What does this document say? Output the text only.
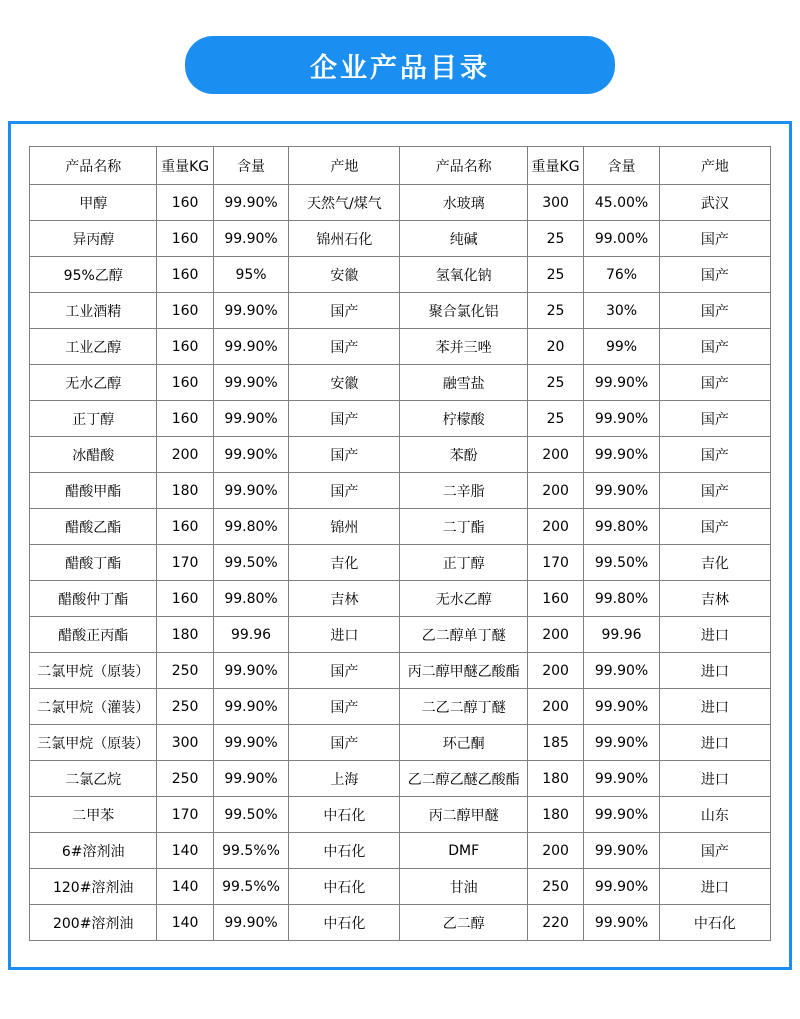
企业产品目录
产品名称	重量KG	含量	产地	产品名称	重量KG	含量	产地
甲醇	160	99.90%	天然气/煤气	水玻璃	300	45.00%	武汉
异丙醇	160	99.90%	锦州石化	纯碱	25	99.00%	国产
95%乙醇	160	95%	安徽	氢氧化钠	25	76%	国产
工业酒精	160	99.90%	国产	聚合氯化铝	25	30%	国产
工业乙醇	160	99.90%	国产	苯并三唑	20	99%	国产
无水乙醇	160	99.90%	安徽	融雪盐	25	99.90%	国产
正丁醇	160	99.90%	国产	柠檬酸	25	99.90%	国产
冰醋酸	200	99.90%	国产	苯酚	200	99.90%	国产
醋酸甲酯	180	99.90%	国产	二辛脂	200	99.90%	国产
醋酸乙酯	160	99.80%	锦州	二丁酯	200	99.80%	国产
醋酸丁酯	170	99.50%	吉化	正丁醇	170	99.50%	吉化
醋酸仲丁酯	160	99.80%	吉林	无水乙醇	160	99.80%	吉林
醋酸正丙酯	180	99.96	进口	乙二醇单丁醚	200	99.96	进口
二氯甲烷（原装）	250	99.90%	国产	丙二醇甲醚乙酸酯	200	99.90%	进口
二氯甲烷（灌装）	250	99.90%	国产	二乙二醇丁醚	200	99.90%	进口
三氯甲烷（原装）	300	99.90%	国产	环己酮	185	99.90%	进口
二氯乙烷	250	99.90%	上海	乙二醇乙醚乙酸酯	180	99.90%	进口
二甲苯	170	99.50%	中石化	丙二醇甲醚	180	99.90%	山东
6#溶剂油	140	99.5%%	中石化	DMF	200	99.90%	国产
120#溶剂油	140	99.5%%	中石化	甘油	250	99.90%	进口
200#溶剂油	140	99.90%	中石化	乙二醇	220	99.90%	中石化
